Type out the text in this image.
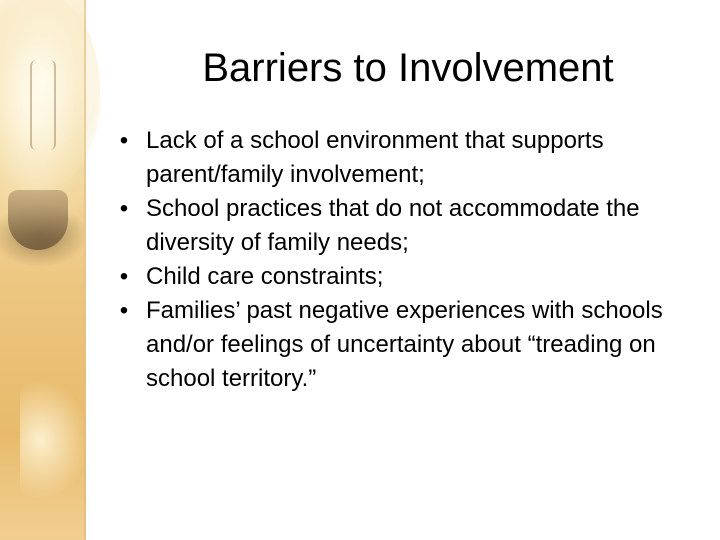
Barriers to Involvement
• Lack of a school environment that supports parent/family involvement;
• School practices that do not accommodate the diversity of family needs;
• Child care constraints;
• Families’ past negative experiences with schools and/or feelings of uncertainty about “treading on school territory.”
